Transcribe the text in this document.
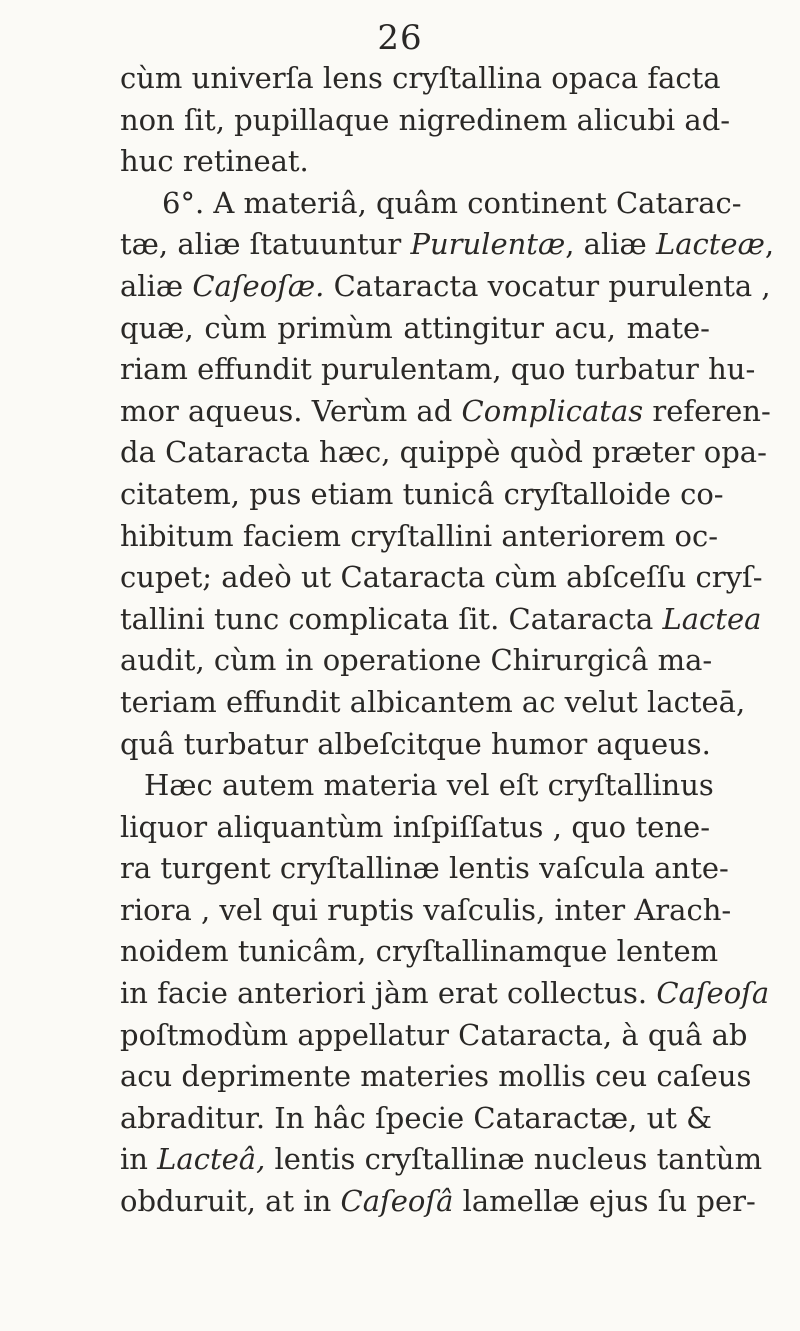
26
cùm univerſa lens cryſtallina opaca facta
non ſit, pupillaque nigredinem alicubi ad-
huc retineat.
6°. A materiâ, quâm continent Catarac-
tæ, aliæ ſtatuuntur Purulentæ, aliæ Lacteæ,
aliæ Caſeoſæ. Cataracta vocatur purulenta ,
quæ, cùm primùm attingitur acu, mate-
riam effundit purulentam, quo turbatur hu-
mor aqueus. Verùm ad Complicatas referen-
da Cataracta hæc, quippè quòd præter opa-
citatem, pus etiam tunicâ cryſtalloide co-
hibitum faciem cryſtallini anteriorem oc-
cupet; adeò ut Cataracta cùm abſceſſu cryſ-
tallini tunc complicata ſit. Cataracta Lactea
audit, cùm in operatione Chirurgicâ ma-
teriam effundit albicantem ac velut lacteā,
quâ turbatur albeſcitque humor aqueus.
Hæc autem materia vel eſt cryſtallinus
liquor aliquantùm inſpiſſatus , quo tene-
ra turgent cryſtallinæ lentis vaſcula ante-
riora , vel qui ruptis vaſculis, inter Arach-
noidem tunicâm, cryſtallinamque lentem
in facie anteriori jàm erat collectus. Caſeoſa
poſtmodùm appellatur Cataracta, à quâ ab
acu deprimente materies mollis ceu caſeus
abraditur. In hâc ſpecie Cataractæ, ut &
in Lacteâ, lentis cryſtallinæ nucleus tantùm
obduruit, at in Caſeoſâ lamellæ ejus ſu per-
